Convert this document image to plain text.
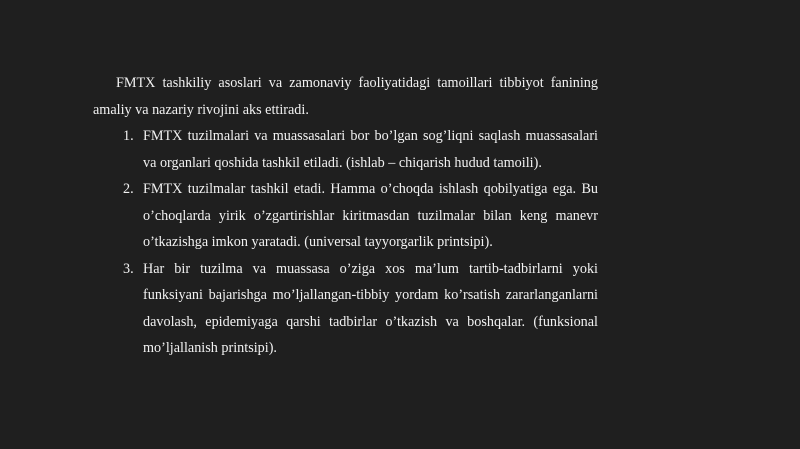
FMTX tashkiliy asoslari va zamonaviy faoliyatidagi tamoillari tibbiyot fanining amaliy va nazariy rivojini aks ettiradi.

1. FMTX tuzilmalari va muassasalari bor bo’lgan sog’liqni saqlash muassasalari va organlari qoshida tashkil etiladi. (ishlab – chiqarish hudud tamoili).
2. FMTX tuzilmalar tashkil etadi. Hamma o’choqda ishlash qobilyatiga ega. Bu o’choqlarda yirik o’zgartirishlar kiritmasdan tuzilmalar bilan keng manevr o’tkazishga imkon yaratadi. (universal tayyorgarlik printsipi).
3. Har bir tuzilma va muassasa o’ziga xos ma’lum tartib-tadbirlarni yoki funksiyani bajarishga mo’ljallangan-tibbiy yordam ko’rsatish zararlanganlarni davolash, epidemiyaga qarshi tadbirlar o’tkazish va boshqalar. (funksional mo’ljallanish printsipi).
